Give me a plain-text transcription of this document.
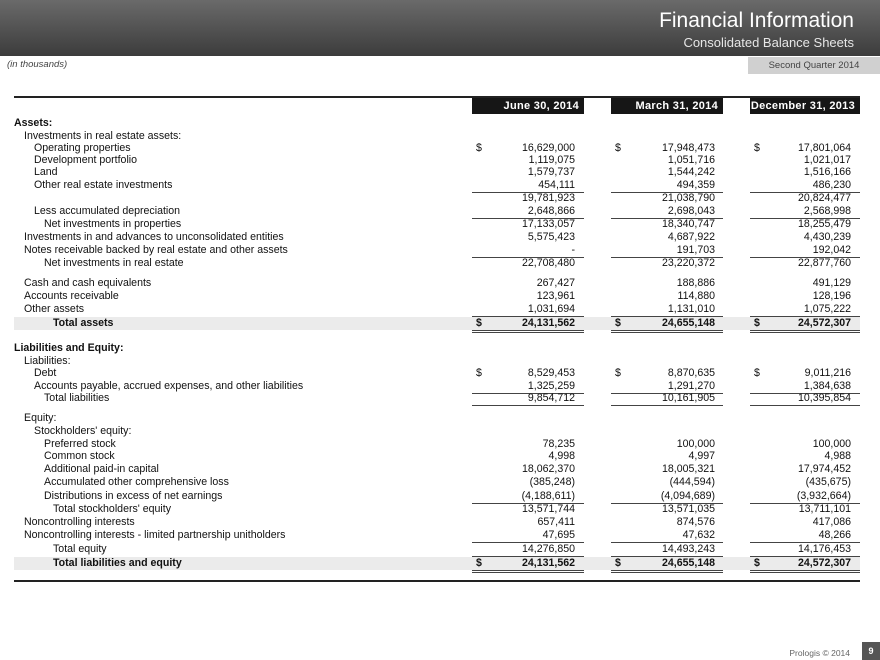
Financial Information
Consolidated Balance Sheets
(in thousands)	Second Quarter 2014
June 30, 2014	March 31, 2014	December 31, 2013
Assets:
Investments in real estate assets:
Operating properties	$	16,629,000	$	17,948,473	$	17,801,064
Development portfolio	1,119,075	1,051,716	1,021,017
Land	1,579,737	1,544,242	1,516,166
Other real estate investments	454,111	494,359	486,230
19,781,923	21,038,790	20,824,477
Less accumulated depreciation	2,648,866	2,698,043	2,568,998
Net investments in properties	17,133,057	18,340,747	18,255,479
Investments in and advances to unconsolidated entities	5,575,423	4,687,922	4,430,239
Notes receivable backed by real estate and other assets	-	191,703	192,042
Net investments in real estate	22,708,480	23,220,372	22,877,760
Cash and cash equivalents	267,427	188,886	491,129
Accounts receivable	123,961	114,880	128,196
Other assets	1,031,694	1,131,010	1,075,222
Total assets	$	24,131,562	$	24,655,148	$	24,572,307
Liabilities and Equity:
Liabilities:
Debt	$	8,529,453	$	8,870,635	$	9,011,216
Accounts payable, accrued expenses, and other liabilities	1,325,259	1,291,270	1,384,638
Total liabilities	9,854,712	10,161,905	10,395,854
Equity:
Stockholders' equity:
Preferred stock	78,235	100,000	100,000
Common stock	4,998	4,997	4,988
Additional paid-in capital	18,062,370	18,005,321	17,974,452
Accumulated other comprehensive loss	(385,248)	(444,594)	(435,675)
Distributions in excess of net earnings	(4,188,611)	(4,094,689)	(3,932,664)
Total stockholders' equity	13,571,744	13,571,035	13,711,101
Noncontrolling interests	657,411	874,576	417,086
Noncontrolling interests - limited partnership unitholders	47,695	47,632	48,266
Total equity	14,276,850	14,493,243	14,176,453
Total liabilities and equity	$	24,131,562	$	24,655,148	$	24,572,307
Prologis © 2014	9
